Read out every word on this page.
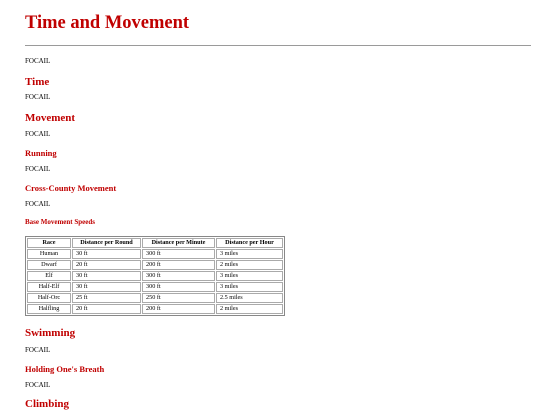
Time and Movement

FOCAIL

Time

FOCAIL

Movement

FOCAIL

Running

FOCAIL

Cross-County Movement

FOCAIL

Base Movement Speeds
Race	Distance per Round	Distance per Minute	Distance per Hour
Human	30 ft	300 ft	3 miles
Dwarf	20 ft	200 ft	2 miles
Elf	30 ft	300 ft	3 miles
Half-Elf	30 ft	300 ft	3 miles
Half-Orc	25 ft	250 ft	2.5 miles
Halfling	20 ft	200 ft	2 miles
Swimming

FOCAIL

Holding One's Breath

FOCAIL

Climbing
